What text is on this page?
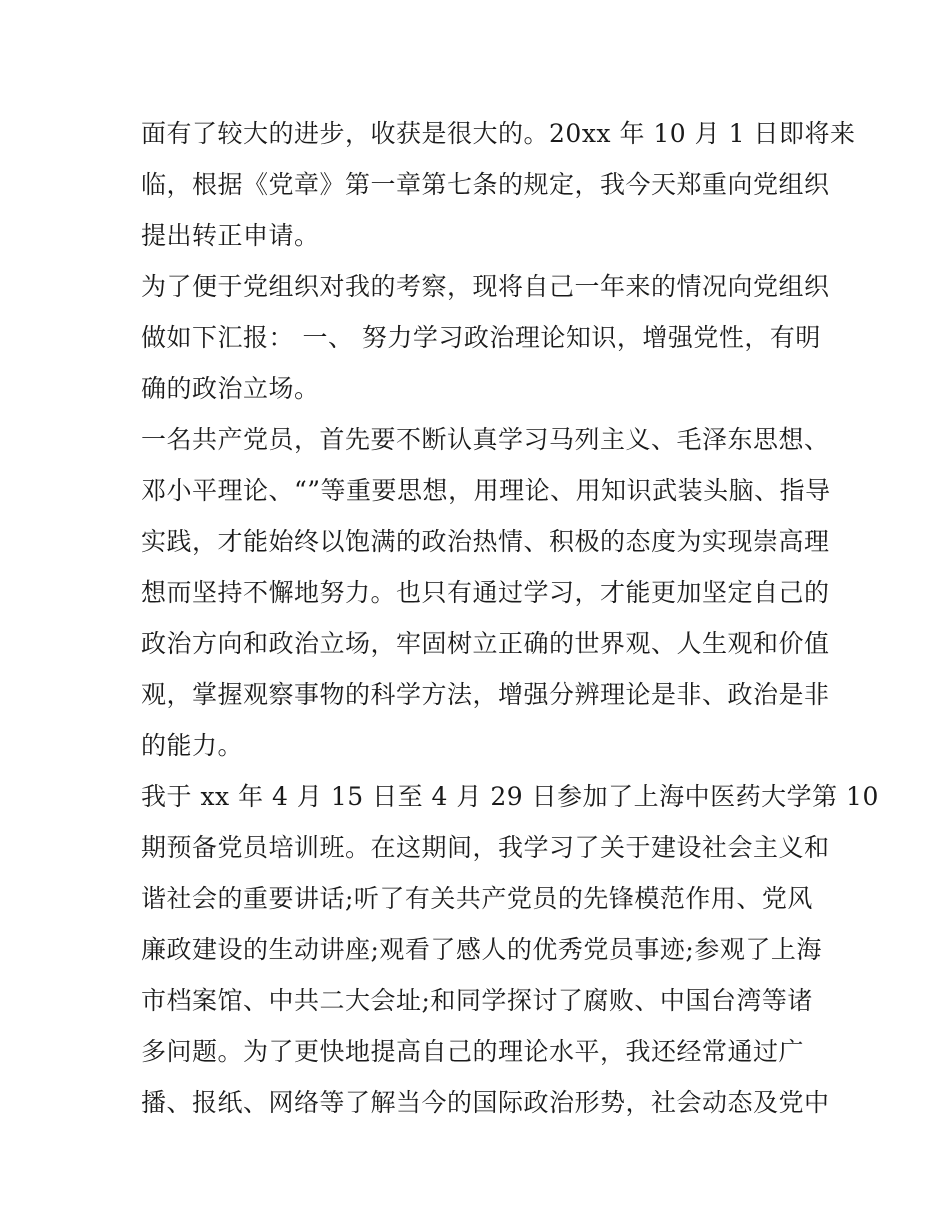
面有了较大的进步，收获是很大的。20xx 年 10 月 1 日即将来
临，根据《党章》第一章第七条的规定，我今天郑重向党组织
提出转正申请。
为了便于党组织对我的考察，现将自己一年来的情况向党组织
做如下汇报： 一、 努力学习政治理论知识，增强党性，有明
确的政治立场。
一名共产党员，首先要不断认真学习马列主义、毛泽东思想、
邓小平理论、“”等重要思想，用理论、用知识武装头脑、指导
实践，才能始终以饱满的政治热情、积极的态度为实现崇高理
想而坚持不懈地努力。也只有通过学习，才能更加坚定自己的
政治方向和政治立场，牢固树立正确的世界观、人生观和价值
观，掌握观察事物的科学方法，增强分辨理论是非、政治是非
的能力。
我于 xx 年 4 月 15 日至 4 月 29 日参加了上海中医药大学第 10
期预备党员培训班。在这期间，我学习了关于建设社会主义和
谐社会的重要讲话;听了有关共产党员的先锋模范作用、党风
廉政建设的生动讲座;观看了感人的优秀党员事迹;参观了上海
市档案馆、中共二大会址;和同学探讨了腐败、中国台湾等诸
多问题。为了更快地提高自己的理论水平，我还经常通过广
播、报纸、网络等了解当今的国际政治形势，社会动态及党中
